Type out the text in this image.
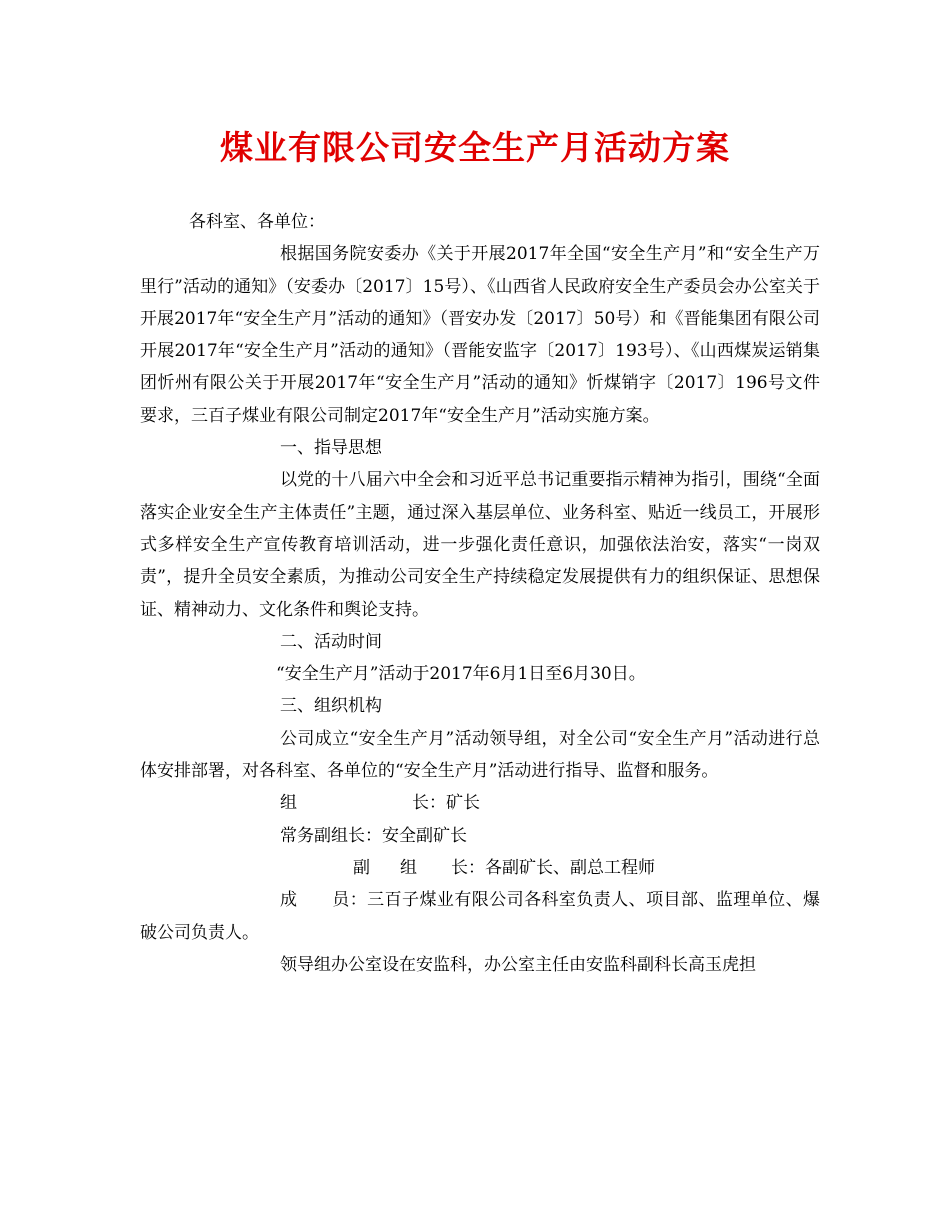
煤业有限公司安全生产月活动方案

各科室、各单位：

根据国务院安委办《关于开展2017年全国“安全生产月”和“安全生产万里行”活动的通知》（安委办〔2017〕15号）、《山西省人民政府安全生产委员会办公室关于开展2017年“安全生产月”活动的通知》（晋安办发〔2017〕50号）和《晋能集团有限公司开展2017年“安全生产月”活动的通知》（晋能安监字〔2017〕193号）、《山西煤炭运销集团忻州有限公关于开展2017年“安全生产月”活动的通知》忻煤销字〔2017〕196号文件要求，三百子煤业有限公司制定2017年“安全生产月”活动实施方案。

一、指导思想

以党的十八届六中全会和习近平总书记重要指示精神为指引，围绕“全面落实企业安全生产主体责任”主题，通过深入基层单位、业务科室、贴近一线员工，开展形式多样安全生产宣传教育培训活动，进一步强化责任意识，加强依法治安，落实“一岗双责”，提升全员安全素质，为推动公司安全生产持续稳定发展提供有力的组织保证、思想保证、精神动力、文化条件和舆论支持。

二、活动时间

“安全生产月”活动于2017年6月1日至6月30日。

三、组织机构

公司成立“安全生产月”活动领导组，对全公司“安全生产月”活动进行总体安排部署，对各科室、各单位的“安全生产月”活动进行指导、监督和服务。

组	长：矿长

常务副组长：安全副矿长

副 组 长：各副矿长、副总工程师

成　　员：三百子煤业有限公司各科室负责人、项目部、监理单位、爆破公司负责人。

领导组办公室设在安监科，办公室主任由安监科副科长高玉虎担
